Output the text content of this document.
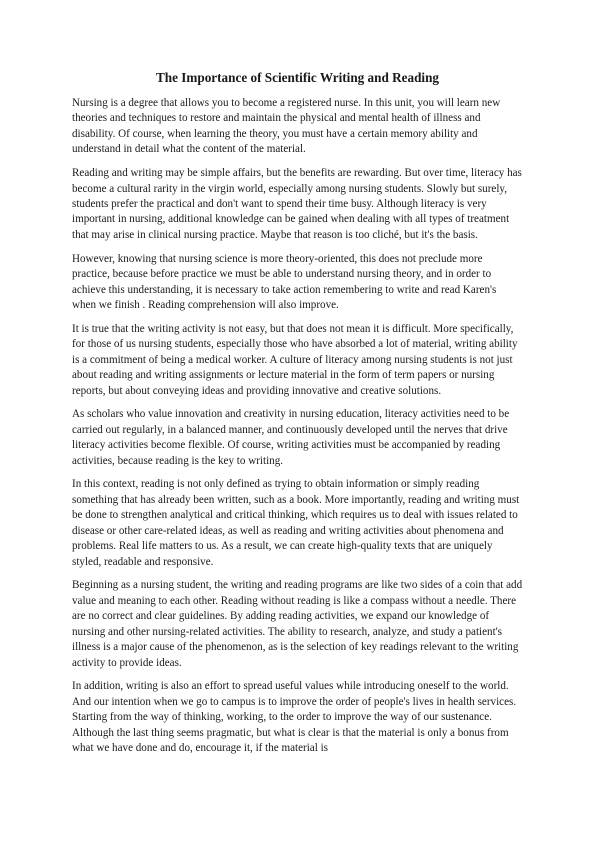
The Importance of Scientific Writing and Reading

Nursing is a degree that allows you to become a registered nurse. In this unit, you will learn new theories and techniques to restore and maintain the physical and mental health of illness and disability. Of course, when learning the theory, you must have a certain memory ability and understand in detail what the content of the material.

Reading and writing may be simple affairs, but the benefits are rewarding. But over time, literacy has become a cultural rarity in the virgin world, especially among nursing students. Slowly but surely, students prefer the practical and don't want to spend their time busy. Although literacy is very important in nursing, additional knowledge can be gained when dealing with all types of treatment that may arise in clinical nursing practice. Maybe that reason is too cliché, but it's the basis.

However, knowing that nursing science is more theory-oriented, this does not preclude more practice, because before practice we must be able to understand nursing theory, and in order to achieve this understanding, it is necessary to take action remembering to write and read Karen's when we finish . Reading comprehension will also improve.

It is true that the writing activity is not easy, but that does not mean it is difficult. More specifically, for those of us nursing students, especially those who have absorbed a lot of material, writing ability is a commitment of being a medical worker. A culture of literacy among nursing students is not just about reading and writing assignments or lecture material in the form of term papers or nursing reports, but about conveying ideas and providing innovative and creative solutions.

As scholars who value innovation and creativity in nursing education, literacy activities need to be carried out regularly, in a balanced manner, and continuously developed until the nerves that drive literacy activities become flexible. Of course, writing activities must be accompanied by reading activities, because reading is the key to writing.

In this context, reading is not only defined as trying to obtain information or simply reading something that has already been written, such as a book. More importantly, reading and writing must be done to strengthen analytical and critical thinking, which requires us to deal with issues related to disease or other care-related ideas, as well as reading and writing activities about phenomena and problems. Real life matters to us. As a result, we can create high-quality texts that are uniquely styled, readable and responsive.

Beginning as a nursing student, the writing and reading programs are like two sides of a coin that add value and meaning to each other. Reading without reading is like a compass without a needle. There are no correct and clear guidelines. By adding reading activities, we expand our knowledge of nursing and other nursing-related activities. The ability to research, analyze, and study a patient's illness is a major cause of the phenomenon, as is the selection of key readings relevant to the writing activity to provide ideas.

In addition, writing is also an effort to spread useful values while introducing oneself to the world. And our intention when we go to campus is to improve the order of people's lives in health services. Starting from the way of thinking, working, to the order to improve the way of our sustenance. Although the last thing seems pragmatic, but what is clear is that the material is only a bonus from what we have done and do, encourage it, if the material is
